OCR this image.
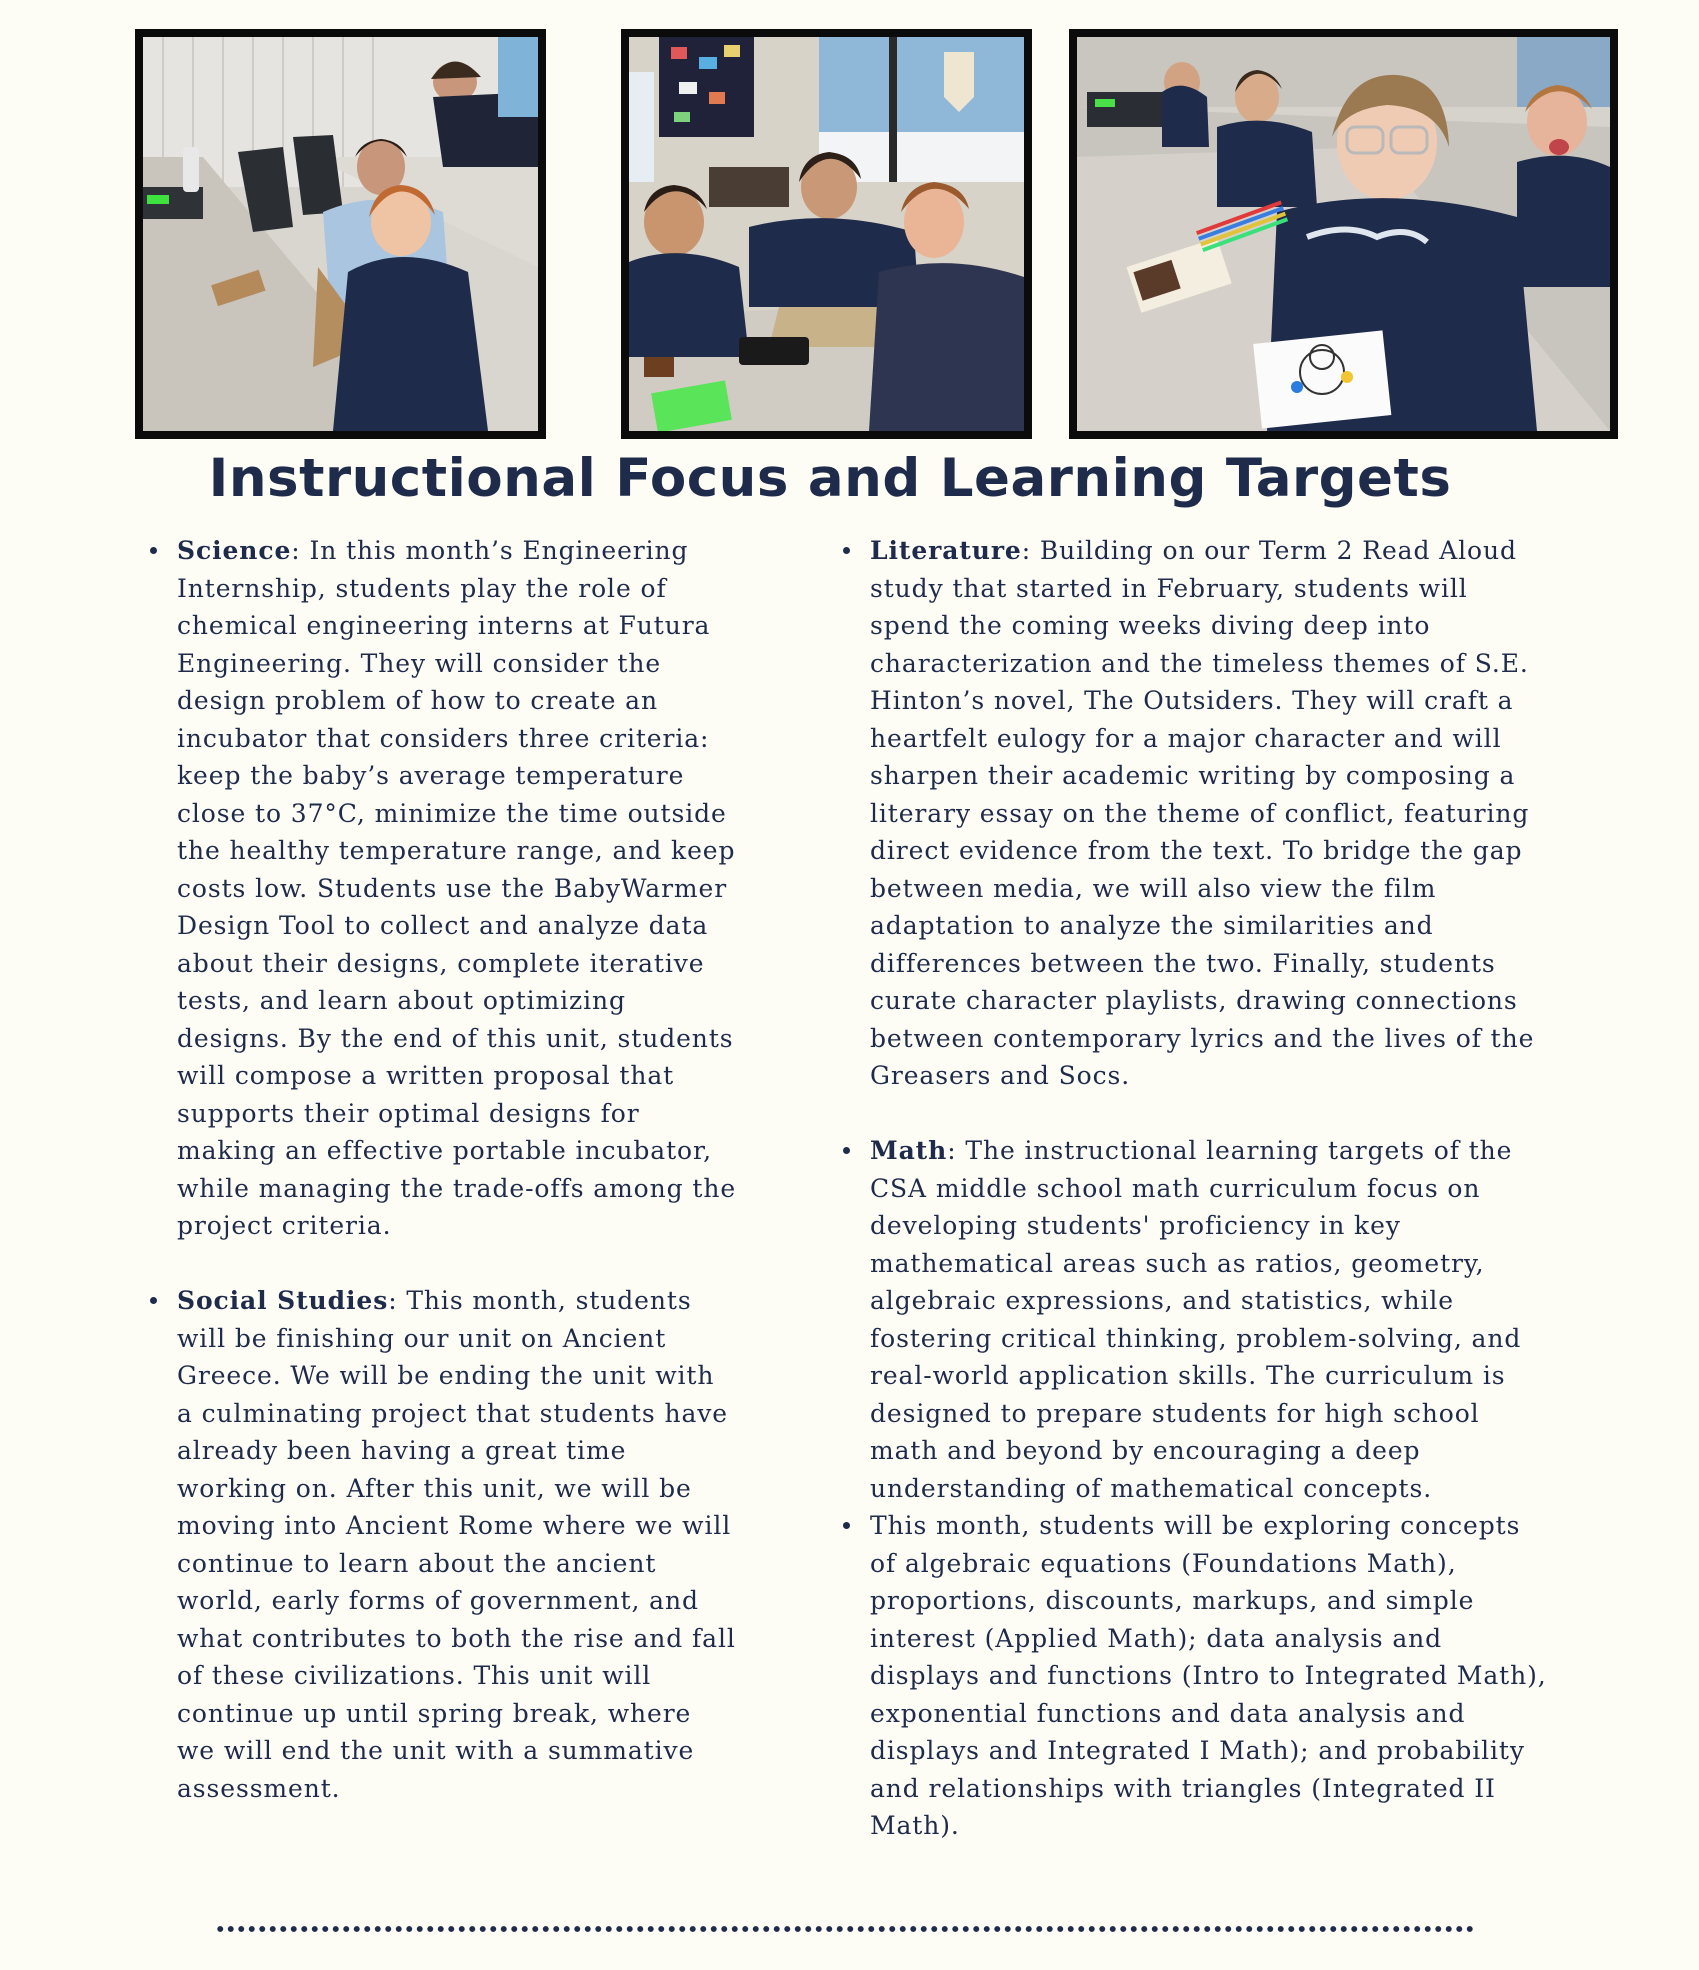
Instructional Focus and Learning Targets
Science: In this month’s Engineering Internship, students play the role of chemical engineering interns at Futura Engineering. They will consider the design problem of how to create an incubator that considers three criteria: keep the baby’s average temperature close to 37°C, minimize the time outside the healthy temperature range, and keep costs low. Students use the BabyWarmer Design Tool to collect and analyze data about their designs, complete iterative tests, and learn about optimizing designs. By the end of this unit, students will compose a written proposal that supports their optimal designs for making an effective portable incubator, while managing the trade-offs among the project criteria.
Social Studies: This month, students will be finishing our unit on Ancient Greece. We will be ending the unit with a culminating project that students have already been having a great time working on. After this unit, we will be moving into Ancient Rome where we will continue to learn about the ancient world, early forms of government, and what contributes to both the rise and fall of these civilizations. This unit will continue up until spring break, where we will end the unit with a summative assessment.
Literature: Building on our Term 2 Read Aloud study that started in February, students will spend the coming weeks diving deep into characterization and the timeless themes of S.E. Hinton’s novel, The Outsiders. They will craft a heartfelt eulogy for a major character and will sharpen their academic writing by composing a literary essay on the theme of conflict, featuring direct evidence from the text. To bridge the gap between media, we will also view the film adaptation to analyze the similarities and differences between the two. Finally, students curate character playlists, drawing connections between contemporary lyrics and the lives of the Greasers and Socs.
Math: The instructional learning targets of the CSA middle school math curriculum focus on developing students' proficiency in key mathematical areas such as ratios, geometry, algebraic expressions, and statistics, while fostering critical thinking, problem-solving, and real-world application skills. The curriculum is designed to prepare students for high school math and beyond by encouraging a deep understanding of mathematical concepts.
This month, students will be exploring concepts of algebraic equations (Foundations Math), proportions, discounts, markups, and simple interest (Applied Math); data analysis and displays and functions (Intro to Integrated Math), exponential functions and data analysis and displays and Integrated I Math); and probability and relationships with triangles (Integrated II Math).
